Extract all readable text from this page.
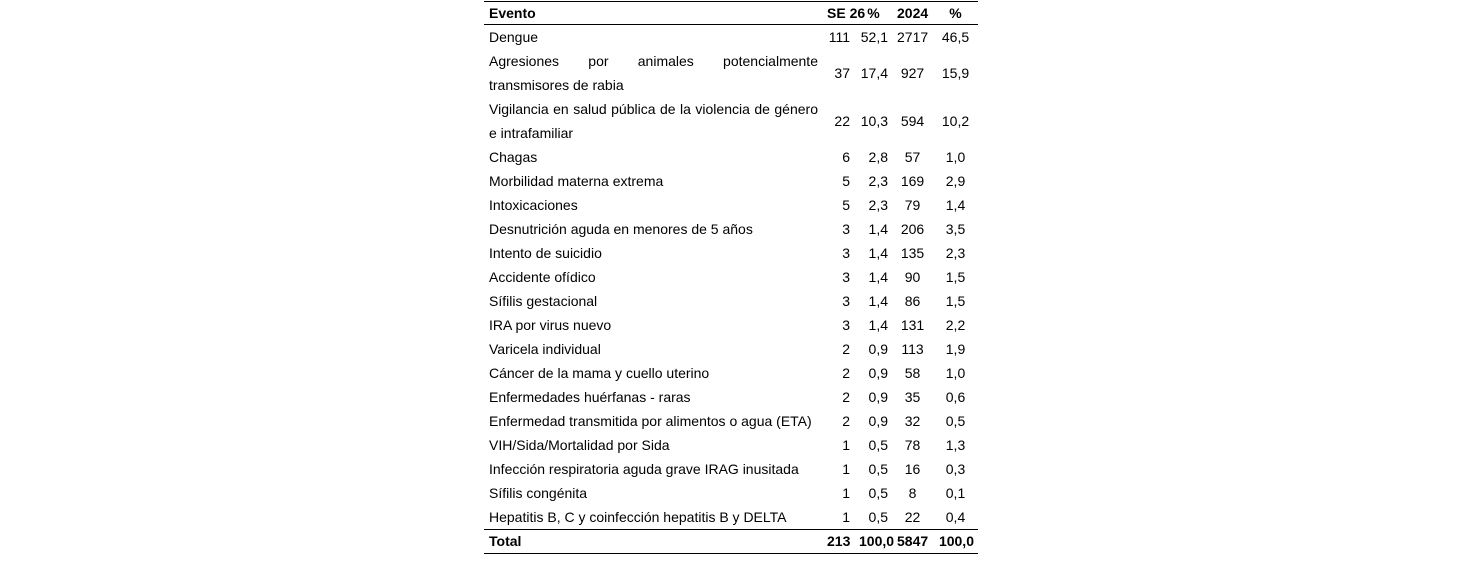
Evento	SE 26	%	2024	%
Dengue	111	52,1	2717	46,5
Agresiones por animales potencialmente transmisores de rabia	37	17,4	927	15,9
Vigilancia en salud pública de la violencia de género e intrafamiliar	22	10,3	594	10,2
Chagas	6	2,8	57	1,0
Morbilidad materna extrema	5	2,3	169	2,9
Intoxicaciones	5	2,3	79	1,4
Desnutrición aguda en menores de 5 años	3	1,4	206	3,5
Intento de suicidio	3	1,4	135	2,3
Accidente ofídico	3	1,4	90	1,5
Sífilis gestacional	3	1,4	86	1,5
IRA por virus nuevo	3	1,4	131	2,2
Varicela individual	2	0,9	113	1,9
Cáncer de la mama y cuello uterino	2	0,9	58	1,0
Enfermedades huérfanas - raras	2	0,9	35	0,6
Enfermedad transmitida por alimentos o agua (ETA)	2	0,9	32	0,5
VIH/Sida/Mortalidad por Sida	1	0,5	78	1,3
Infección respiratoria aguda grave IRAG inusitada	1	0,5	16	0,3
Sífilis congénita	1	0,5	8	0,1
Hepatitis B, C y coinfección hepatitis B y DELTA	1	0,5	22	0,4
Total	213	100,0	5847	100,0
